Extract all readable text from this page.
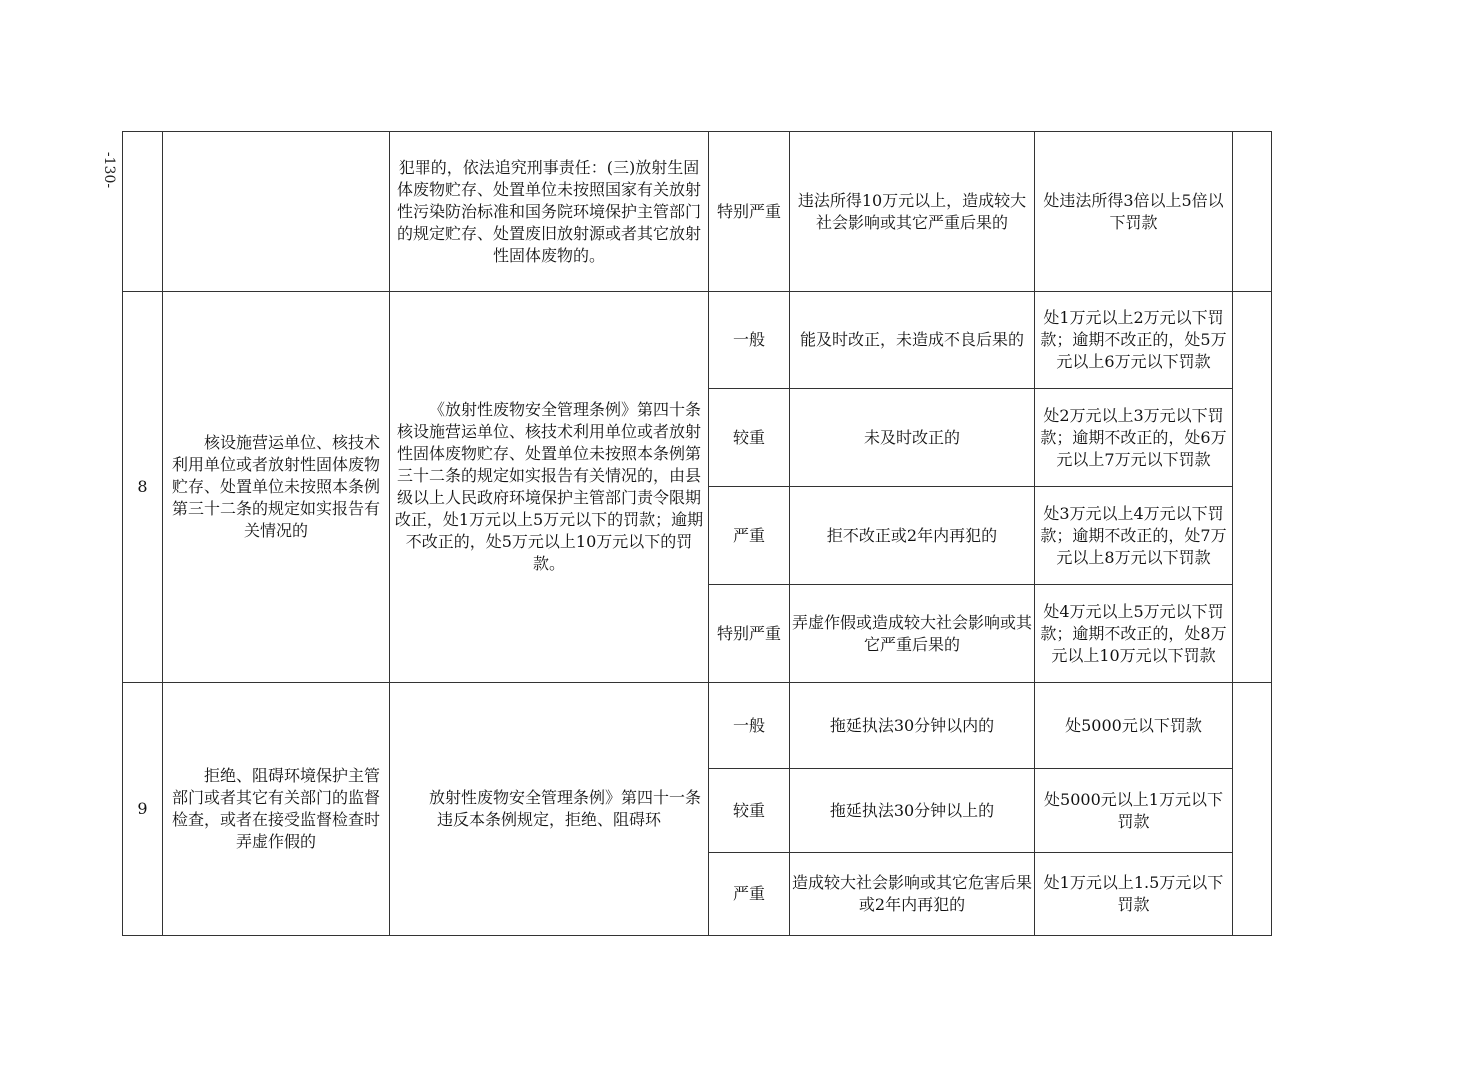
-130-
			犯罪的，依法追究刑事责任：(三)放射生固体废物贮存、处置单位未按照国家有关放射性污染防治标准和国务院环境保护主管部门的规定贮存、处置废旧放射源或者其它放射性固体废物的。	特别严重	违法所得10万元以上，造成较大社会影响或其它严重后果的	处违法所得3倍以上5倍以下罚款	
8	核设施营运单位、核技术利用单位或者放射性固体废物贮存、处置单位未按照本条例第三十二条的规定如实报告有关情况的	《放射性废物安全管理条例》第四十条核设施营运单位、核技术利用单位或者放射性固体废物贮存、处置单位未按照本条例第三十二条的规定如实报告有关情况的，由县级以上人民政府环境保护主管部门责令限期改正，处1万元以上5万元以下的罚款；逾期不改正的，处5万元以上10万元以下的罚款。	一般	能及时改正，未造成不良后果的	处1万元以上2万元以下罚款；逾期不改正的，处5万元以上6万元以下罚款	
			较重	未及时改正的	处2万元以上3万元以下罚款；逾期不改正的，处6万元以上7万元以下罚款	
			严重	拒不改正或2年内再犯的	处3万元以上4万元以下罚款；逾期不改正的，处7万元以上8万元以下罚款	
			特别严重	弄虚作假或造成较大社会影响或其它严重后果的	处4万元以上5万元以下罚款；逾期不改正的，处8万元以上10万元以下罚款	
9	拒绝、阻碍环境保护主管部门或者其它有关部门的监督检查，或者在接受监督检查时弄虚作假的	放射性废物安全管理条例》第四十一条违反本条例规定，拒绝、阻碍环	一般	拖延执法30分钟以内的	处5000元以下罚款	
			较重	拖延执法30分钟以上的	处5000元以上1万元以下罚款	
			严重	造成较大社会影响或其它危害后果或2年内再犯的	处1万元以上1.5万元以下罚款	
